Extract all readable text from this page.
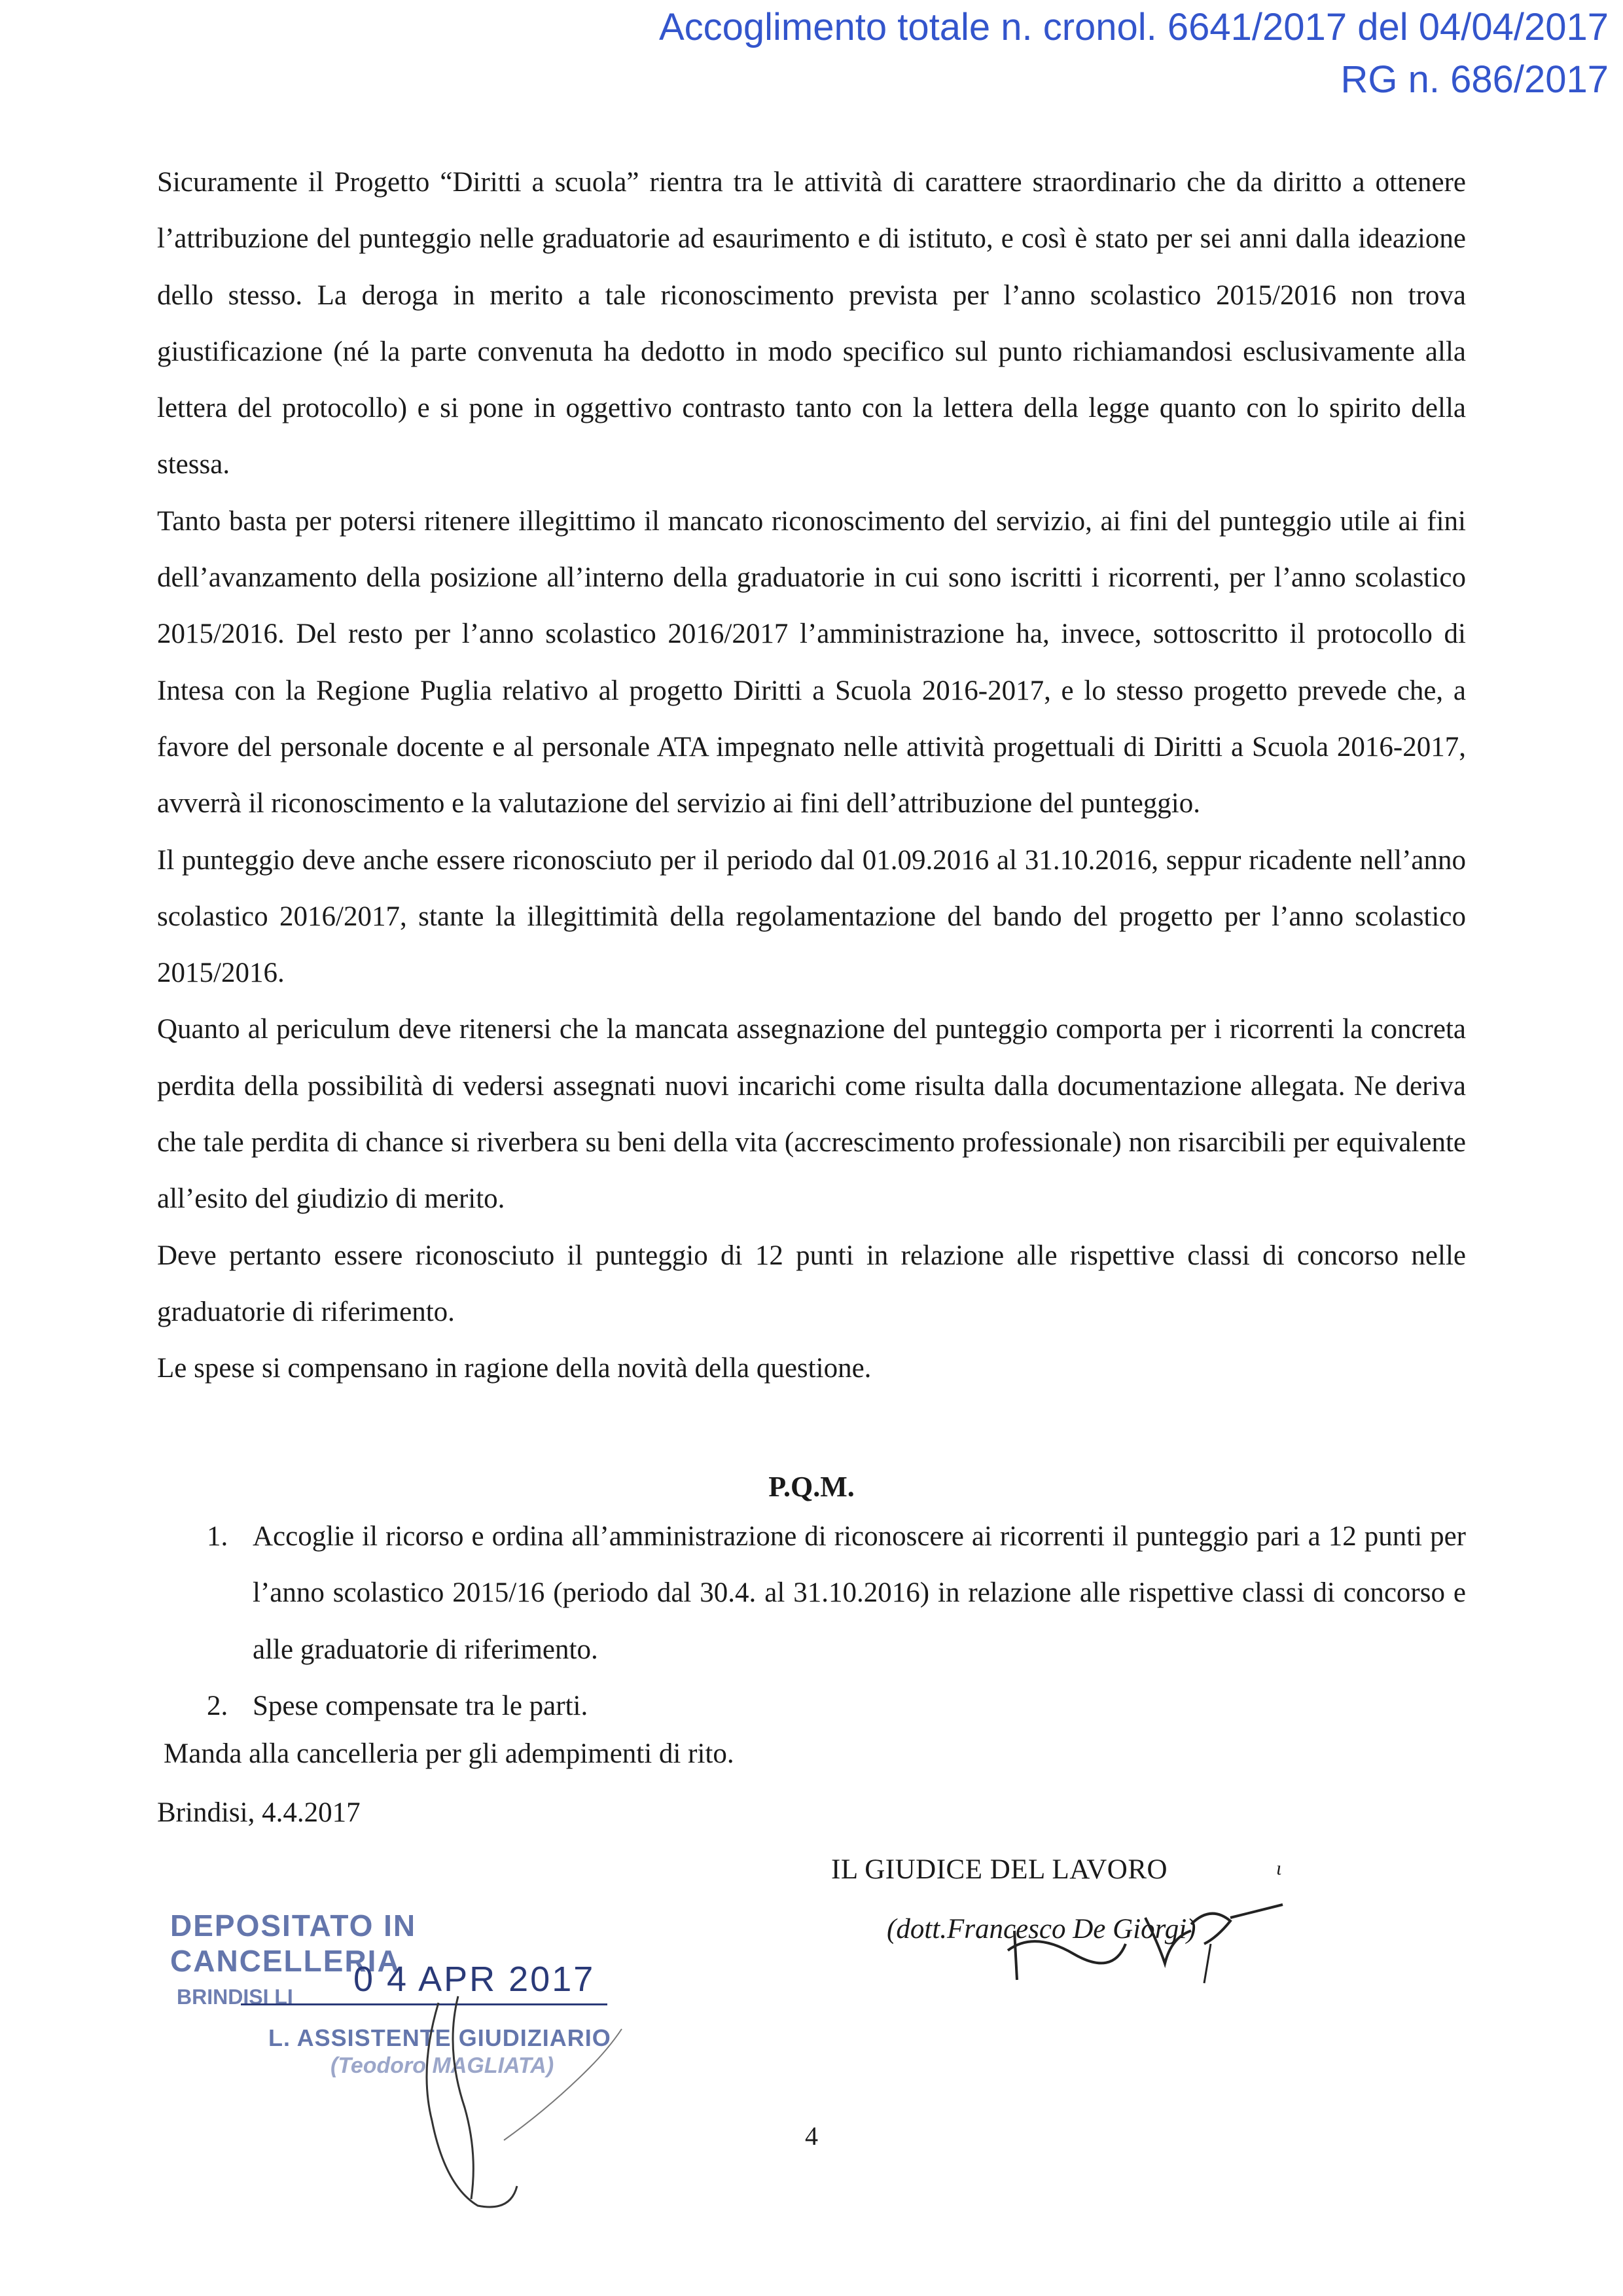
Accoglimento totale n. cronol. 6641/2017 del 04/04/2017
RG n. 686/2017

Sicuramente il Progetto “Diritti a scuola” rientra tra le attività di carattere straordinario che da diritto a ottenere l’attribuzione del punteggio nelle graduatorie ad esaurimento e di istituto, e così è stato per sei anni dalla ideazione dello stesso. La deroga in merito a tale riconoscimento prevista per l’anno scolastico 2015/2016 non trova giustificazione (né la parte convenuta ha dedotto in modo specifico sul punto richiamandosi esclusivamente alla lettera del protocollo) e si pone in oggettivo contrasto tanto con la lettera della legge quanto con lo spirito della stessa.

Tanto basta per potersi ritenere illegittimo il mancato riconoscimento del servizio, ai fini del punteggio utile ai fini dell’avanzamento della posizione all’interno della graduatorie in cui sono iscritti i ricorrenti, per l’anno scolastico 2015/2016. Del resto per l’anno scolastico 2016/2017 l’amministrazione ha, invece, sottoscritto il protocollo di Intesa con la Regione Puglia relativo al progetto Diritti a Scuola 2016-2017, e lo stesso progetto prevede che, a favore del personale docente e al personale ATA impegnato nelle attività progettuali di Diritti a Scuola 2016-2017, avverrà il riconoscimento e la valutazione del servizio ai fini dell’attribuzione del punteggio.

Il punteggio deve anche essere riconosciuto per il periodo dal 01.09.2016 al 31.10.2016, seppur ricadente nell’anno scolastico 2016/2017, stante la illegittimità della regolamentazione del bando del progetto per l’anno scolastico 2015/2016.

Quanto al periculum deve ritenersi che la mancata assegnazione del punteggio comporta per i ricorrenti la concreta perdita della possibilità di vedersi assegnati nuovi incarichi come risulta dalla documentazione allegata. Ne deriva che tale perdita di chance si riverbera su beni della vita (accrescimento professionale) non risarcibili per equivalente all’esito del giudizio di merito.

Deve pertanto essere riconosciuto il punteggio di 12 punti in relazione alle rispettive classi di concorso nelle graduatorie di riferimento.

Le spese si compensano in ragione della novità della questione.

P.Q.M.
1. Accoglie il ricorso e ordina all’amministrazione di riconoscere ai ricorrenti il punteggio pari a 12 punti per l’anno scolastico 2015/16 (periodo dal 30.4. al 31.10.2016) in relazione alle rispettive classi di concorso e alle graduatorie di riferimento.
2. Spese compensate tra le parti.
Manda alla cancelleria per gli adempimenti di rito.
Brindisi, 4.4.2017
IL GIUDICE DEL LAVORO	ι
(dott.Francesco De Giorgi)
DEPOSITATO IN CANCELLERIA
0 4 APR 2017
BRINDISI LI
L. ASSISTENTE GIUDIZIARIO
(Teodoro MAGLIATA)
4
